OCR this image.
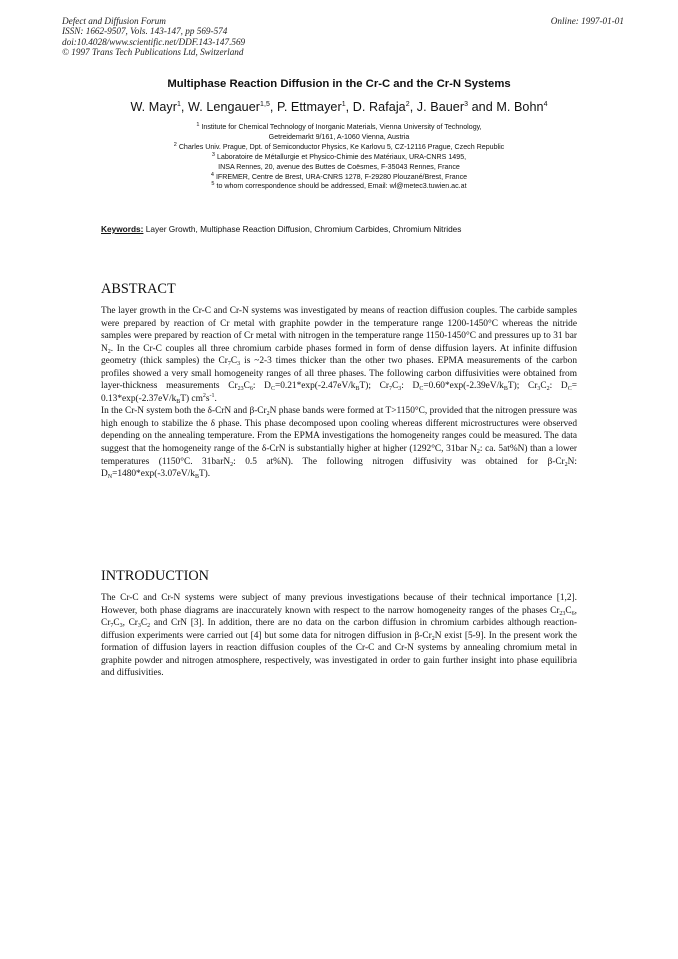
Defect and Diffusion Forum
ISSN: 1662-9507, Vols. 143-147, pp 569-574
doi:10.4028/www.scientific.net/DDF.143-147.569
© 1997 Trans Tech Publications Ltd, Switzerland
Online: 1997-01-01
Multiphase Reaction Diffusion in the Cr-C and the Cr-N Systems
W. Mayr$^1$, W. Lengauer$^{1,5}$, P. Ettmayer$^1$, D. Rafaja$^2$, J. Bauer$^3$ and M. Bohn$^4$
$^1$ Institute for Chemical Technology of Inorganic Materials, Vienna University of Technology,
Getreidemarkt 9/161, A-1060 Vienna, Austria
$^2$ Charles Univ. Prague, Dpt. of Semiconductor Physics, Ke Karlovu 5, CZ-12116 Prague, Czech Republic
$^3$ Laboratoire de Métallurgie et Physico-Chimie des Matériaux, URA-CNRS 1495,
INSA Rennes, 20, avenue des Buttes de Coësmes, F-35043 Rennes, France
$^4$ IFREMER, Centre de Brest, URA-CNRS 1278, F-29280 Plouzané/Brest, France
$^5$ to whom correspondence should be addressed, Email: wl@metec3.tuwien.ac.at
Keywords: Layer Growth, Multiphase Reaction Diffusion, Chromium Carbides, Chromium Nitrides
ABSTRACT

The layer growth in the Cr-C and Cr-N systems was investigated by means of reaction diffusion couples. The carbide samples were prepared by reaction of Cr metal with graphite powder in the temperature range 1200-1450°C whereas the nitride samples were prepared by reaction of Cr metal with nitrogen in the temperature range 1150-1450°C and pressures up to 31 bar $N_2$. In the Cr-C couples all three chromium carbide phases formed in form of dense diffusion layers. At infinite diffusion geometry (thick samples) the $Cr_7C_3$ is ~2-3 times thicker than the other two phases. EPMA measurements of the carbon profiles showed a very small homogeneity ranges of all three phases. The following carbon diffusivities were obtained from layer-thickness measurements $Cr_{23}C_6$: $D_C=0.21*\exp(-2.47eV/k_BT)$; $Cr_7C_3$: $D_C=0.60*\exp(-2.39eV/k_BT)$; $Cr_3C_2$: $D_C= 0.13*\exp(-2.37eV/k_BT)$ $cm^2s^{-1}$.

In the Cr-N system both the δ-CrN and $\beta-Cr_2N$ phase bands were formed at T>1150°C, provided that the nitrogen pressure was high enough to stabilize the δ phase. This phase decomposed upon cooling whereas different microstructures were observed depending on the annealing temperature. From the EPMA investigations the homogeneity ranges could be measured. The data suggest that the homogeneity range of the δ-CrN is substantially higher at higher (1292°C, 31bar $N_2$: ca. 5at%N) than a lower temperatures (1150°C. 31barN$_2$: 0.5 at%N). The following nitrogen diffusivity was obtained for $\beta-Cr_2N$: $D_N=1480*\exp(-3.07eV/k_BT)$.

INTRODUCTION

The Cr-C and Cr-N systems were subject of many previous investigations because of their technical importance [1,2]. However, both phase diagrams are inaccurately known with respect to the narrow homogeneity ranges of the phases $Cr_{23}C_6$, $Cr_7C_3$, $Cr_3C_2$ and CrN [3]. In addition, there are no data on the carbon diffusion in chromium carbides although reaction-diffusion experiments were carried out [4] but some data for nitrogen diffusion in $\beta-Cr_2N$ exist [5-9]. In the present work the formation of diffusion layers in reaction diffusion couples of the Cr-C and Cr-N systems by annealing chromium metal in graphite powder and nitrogen atmosphere, respectively, was investigated in order to gain further insight into phase equilibria and diffusivities.
